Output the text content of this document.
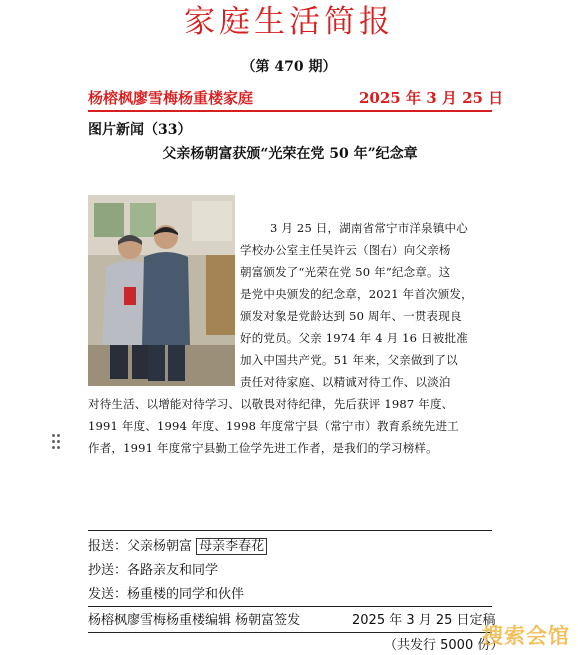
家庭生活简报
（第 470 期）
杨榕枫廖雪梅杨重楼家庭	2025 年 3 月 25 日
图片新闻（33）
父亲杨朝富获颁“光荣在党 50 年”纪念章
3 月 25 日，湖南省常宁市洋泉镇中心
学校办公室主任吴许云（图右）向父亲杨
朝富颁发了“光荣在党 50 年”纪念章。这
是党中央颁发的纪念章，2021 年首次颁发，
颁发对象是党龄达到 50 周年、一贯表现良
好的党员。父亲 1974 年 4 月 16 日被批准
加入中国共产党。51 年来，父亲做到了以
责任对待家庭、以精诚对待工作、以淡泊
对待生活、以增能对待学习、以敬畏对待纪律，先后获评 1987 年度、
1991 年度、1994 年度、1998 年度常宁县（常宁市）教育系统先进工
作者，1991 年度常宁县勤工俭学先进工作者，是我们的学习榜样。
报送：父亲杨朝富 母亲李春花
抄送：各路亲友和同学
发送：杨重楼的同学和伙伴
杨榕枫廖雪梅杨重楼编辑 杨朝富签发	2025 年 3 月 25 日定稿
（共发行 5000 份）
搜索会馆
